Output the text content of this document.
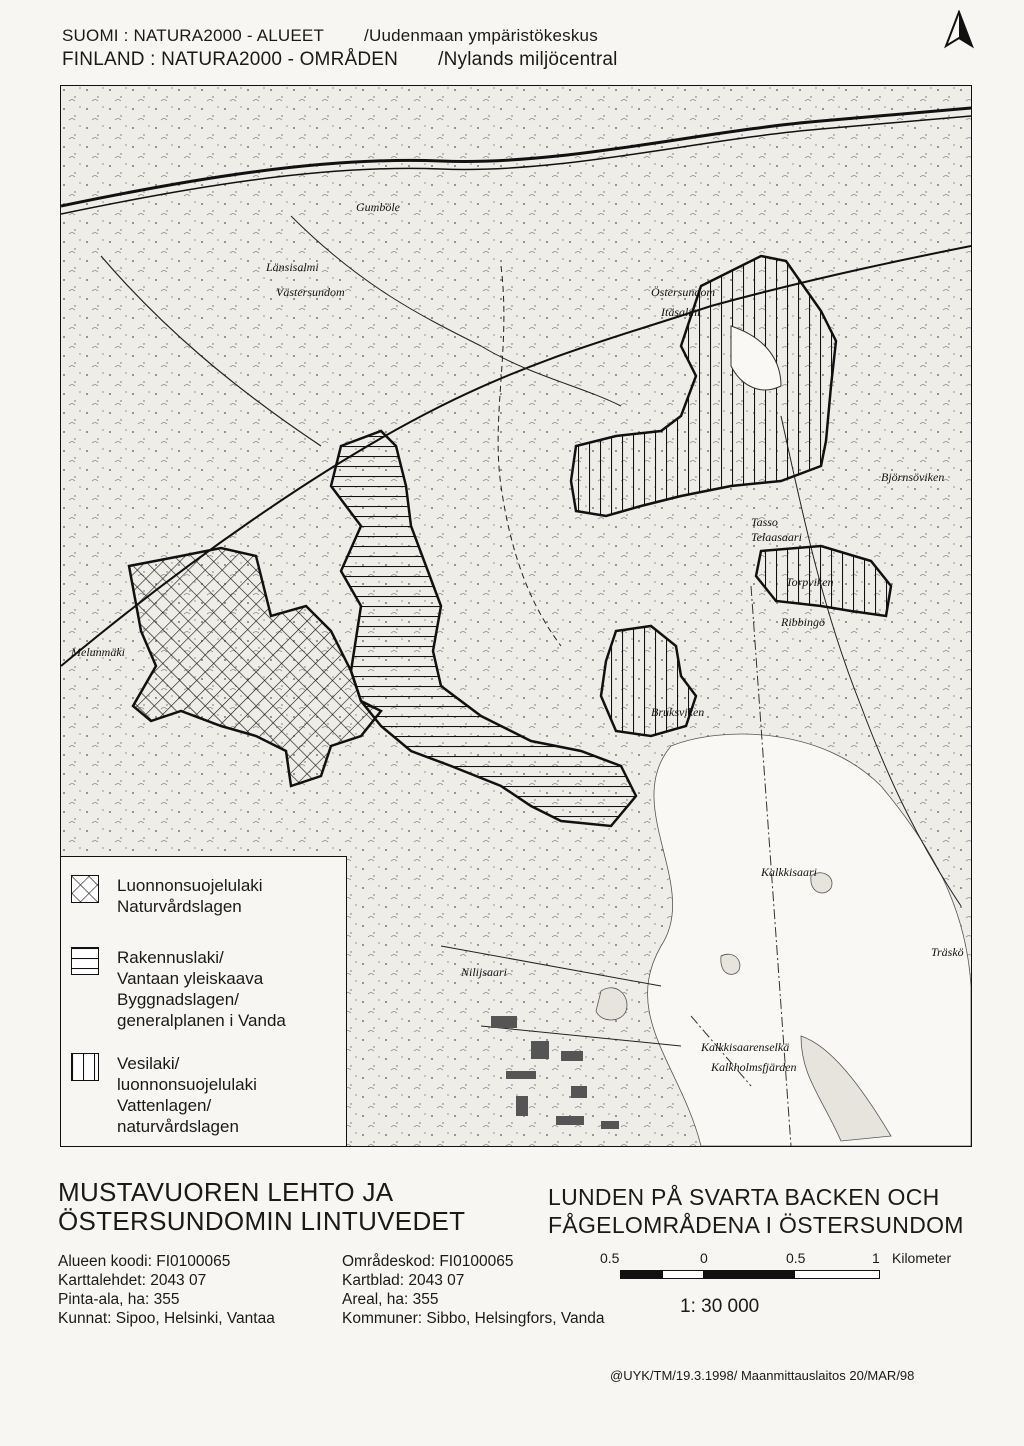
SUOMI : NATURA2000 - ALUEET /Uudenmaan ympäristökeskus
FINLAND : NATURA2000 - OMRÅDEN /Nylands miljöcentral
Gumböle
Östersundom
Itäsalmi
Länsisalmi
Västersundom
Björnsöviken
Tasso
Telaasaari
Ribbingö
Torpviken
Kalkkisaari
Nilijsaari
Melunmäki
Kalkkisaarenselkä
Kalkholmsfjärden
Bruksviken
Träskö
Luonnonsuojelulaki
Naturvårdslagen
Rakennuslaki/
Vantaan yleiskaava
Byggnadslagen/
generalplanen i Vanda
Vesilaki/
luonnonsuojelulaki
Vattenlagen/
naturvårdslagen
MUSTAVUOREN LEHTO JA
ÖSTERSUNDOMIN LINTUVEDET
LUNDEN PÅ SVARTA BACKEN OCH
FÅGELOMRÅDENA I ÖSTERSUNDOM
Alueen koodi: FI0100065
Karttalehdet: 2043 07
Pinta-ala, ha: 355
Kunnat: Sipoo, Helsinki, Vantaa
Områdeskod: FI0100065
Kartblad: 2043 07
Areal, ha: 355
Kommuner: Sibbo, Helsingfors, Vanda
0.5	0	0.5	1 Kilometer
1: 30 000
@UYK/TM/19.3.1998/ Maanmittauslaitos 20/MAR/98
